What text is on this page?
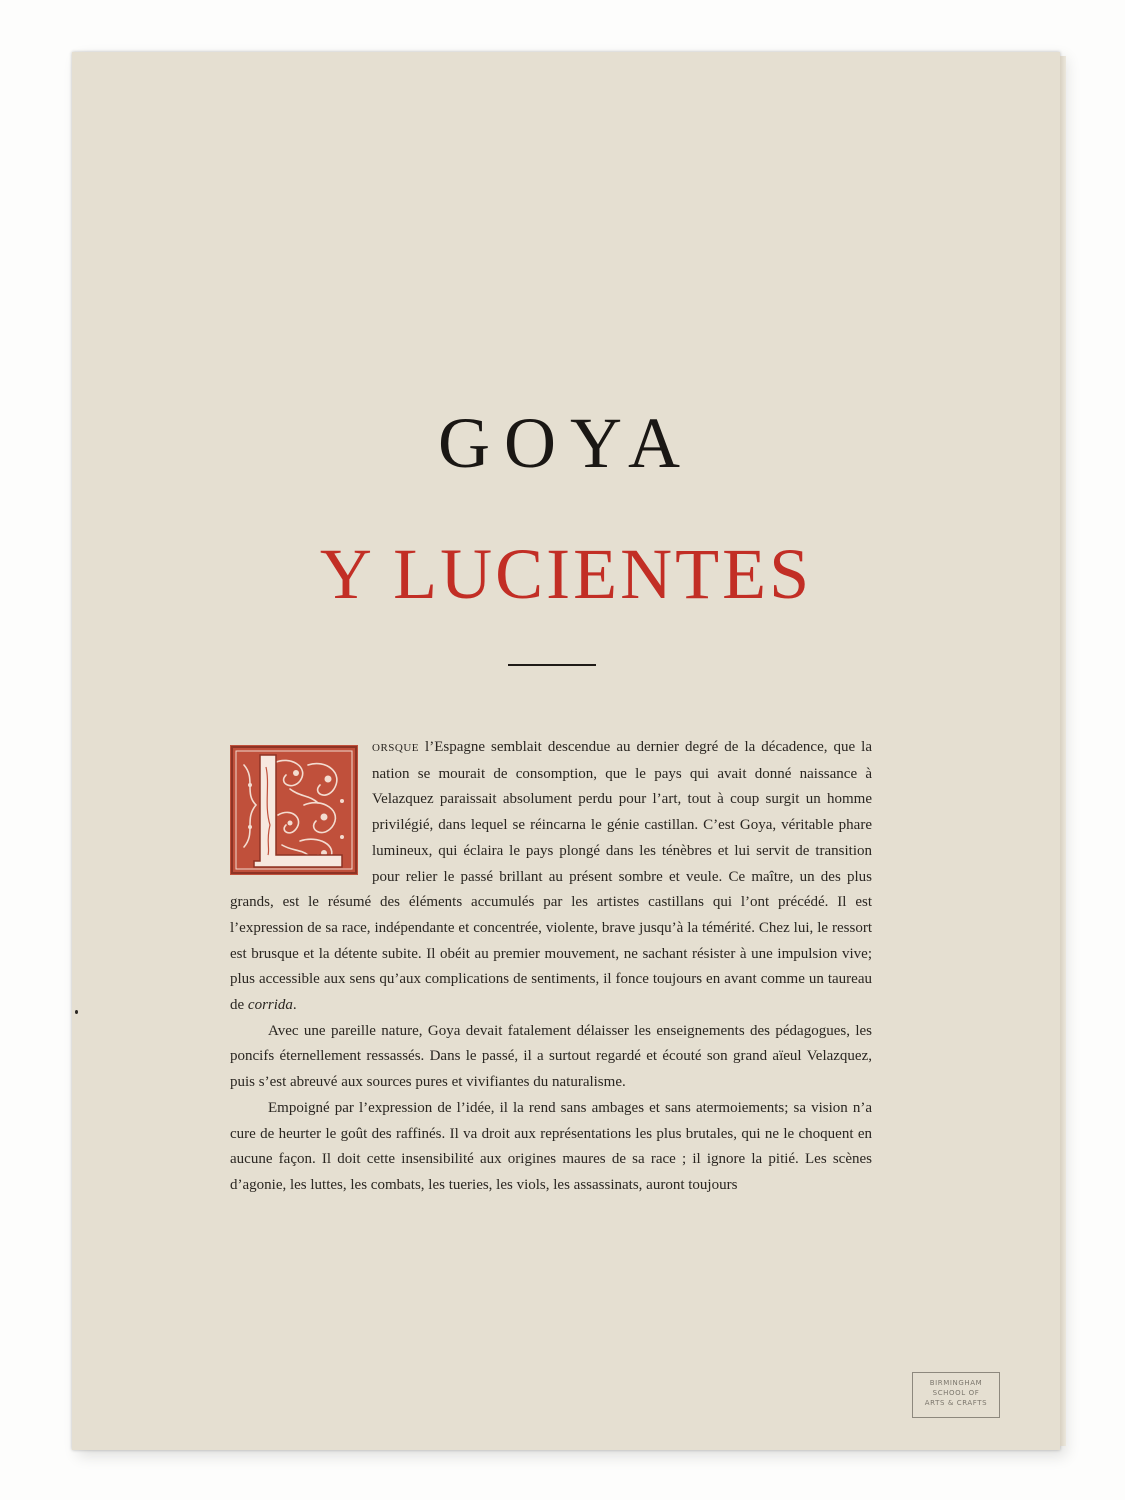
GOYA
Y LUCIENTES

ORSQUE l’Espagne semblait descendue au dernier degré de la décadence, que la nation se mourait de consomption, que le pays qui avait donné naissance à Velazquez paraissait absolument perdu pour l’art, tout à coup surgit un homme privilégié, dans lequel se réincarna le génie castillan. C’est Goya, véritable phare lumineux, qui éclaira le pays plongé dans les ténèbres et lui servit de transition pour relier le passé brillant au présent sombre et veule. Ce maître, un des plus grands, est le résumé des éléments accumulés par les artistes castillans qui l’ont précédé. Il est l’expression de sa race, indépendante et concentrée, violente, brave jusqu’à la témérité. Chez lui, le ressort est brusque et la détente subite. Il obéit au premier mouvement, ne sachant résister à une impulsion vive; plus accessible aux sens qu’aux complications de sentiments, il fonce toujours en avant comme un taureau de corrida.

Avec une pareille nature, Goya devait fatalement délaisser les enseignements des pédagogues, les poncifs éternellement ressassés. Dans le passé, il a surtout regardé et écouté son grand aïeul Velazquez, puis s’est abreuvé aux sources pures et vivifiantes du naturalisme.

Empoigné par l’expression de l’idée, il la rend sans ambages et sans atermoiements; sa vision n’a cure de heurter le goût des raffinés. Il va droit aux représentations les plus brutales, qui ne le choquent en aucune façon. Il doit cette insensibilité aux origines maures de sa race ; il ignore la pitié. Les scènes d’agonie, les luttes, les combats, les tueries, les viols, les assassinats, auront toujours

BIRMINGHAM
SCHOOL OF
ARTS & CRAFTS
